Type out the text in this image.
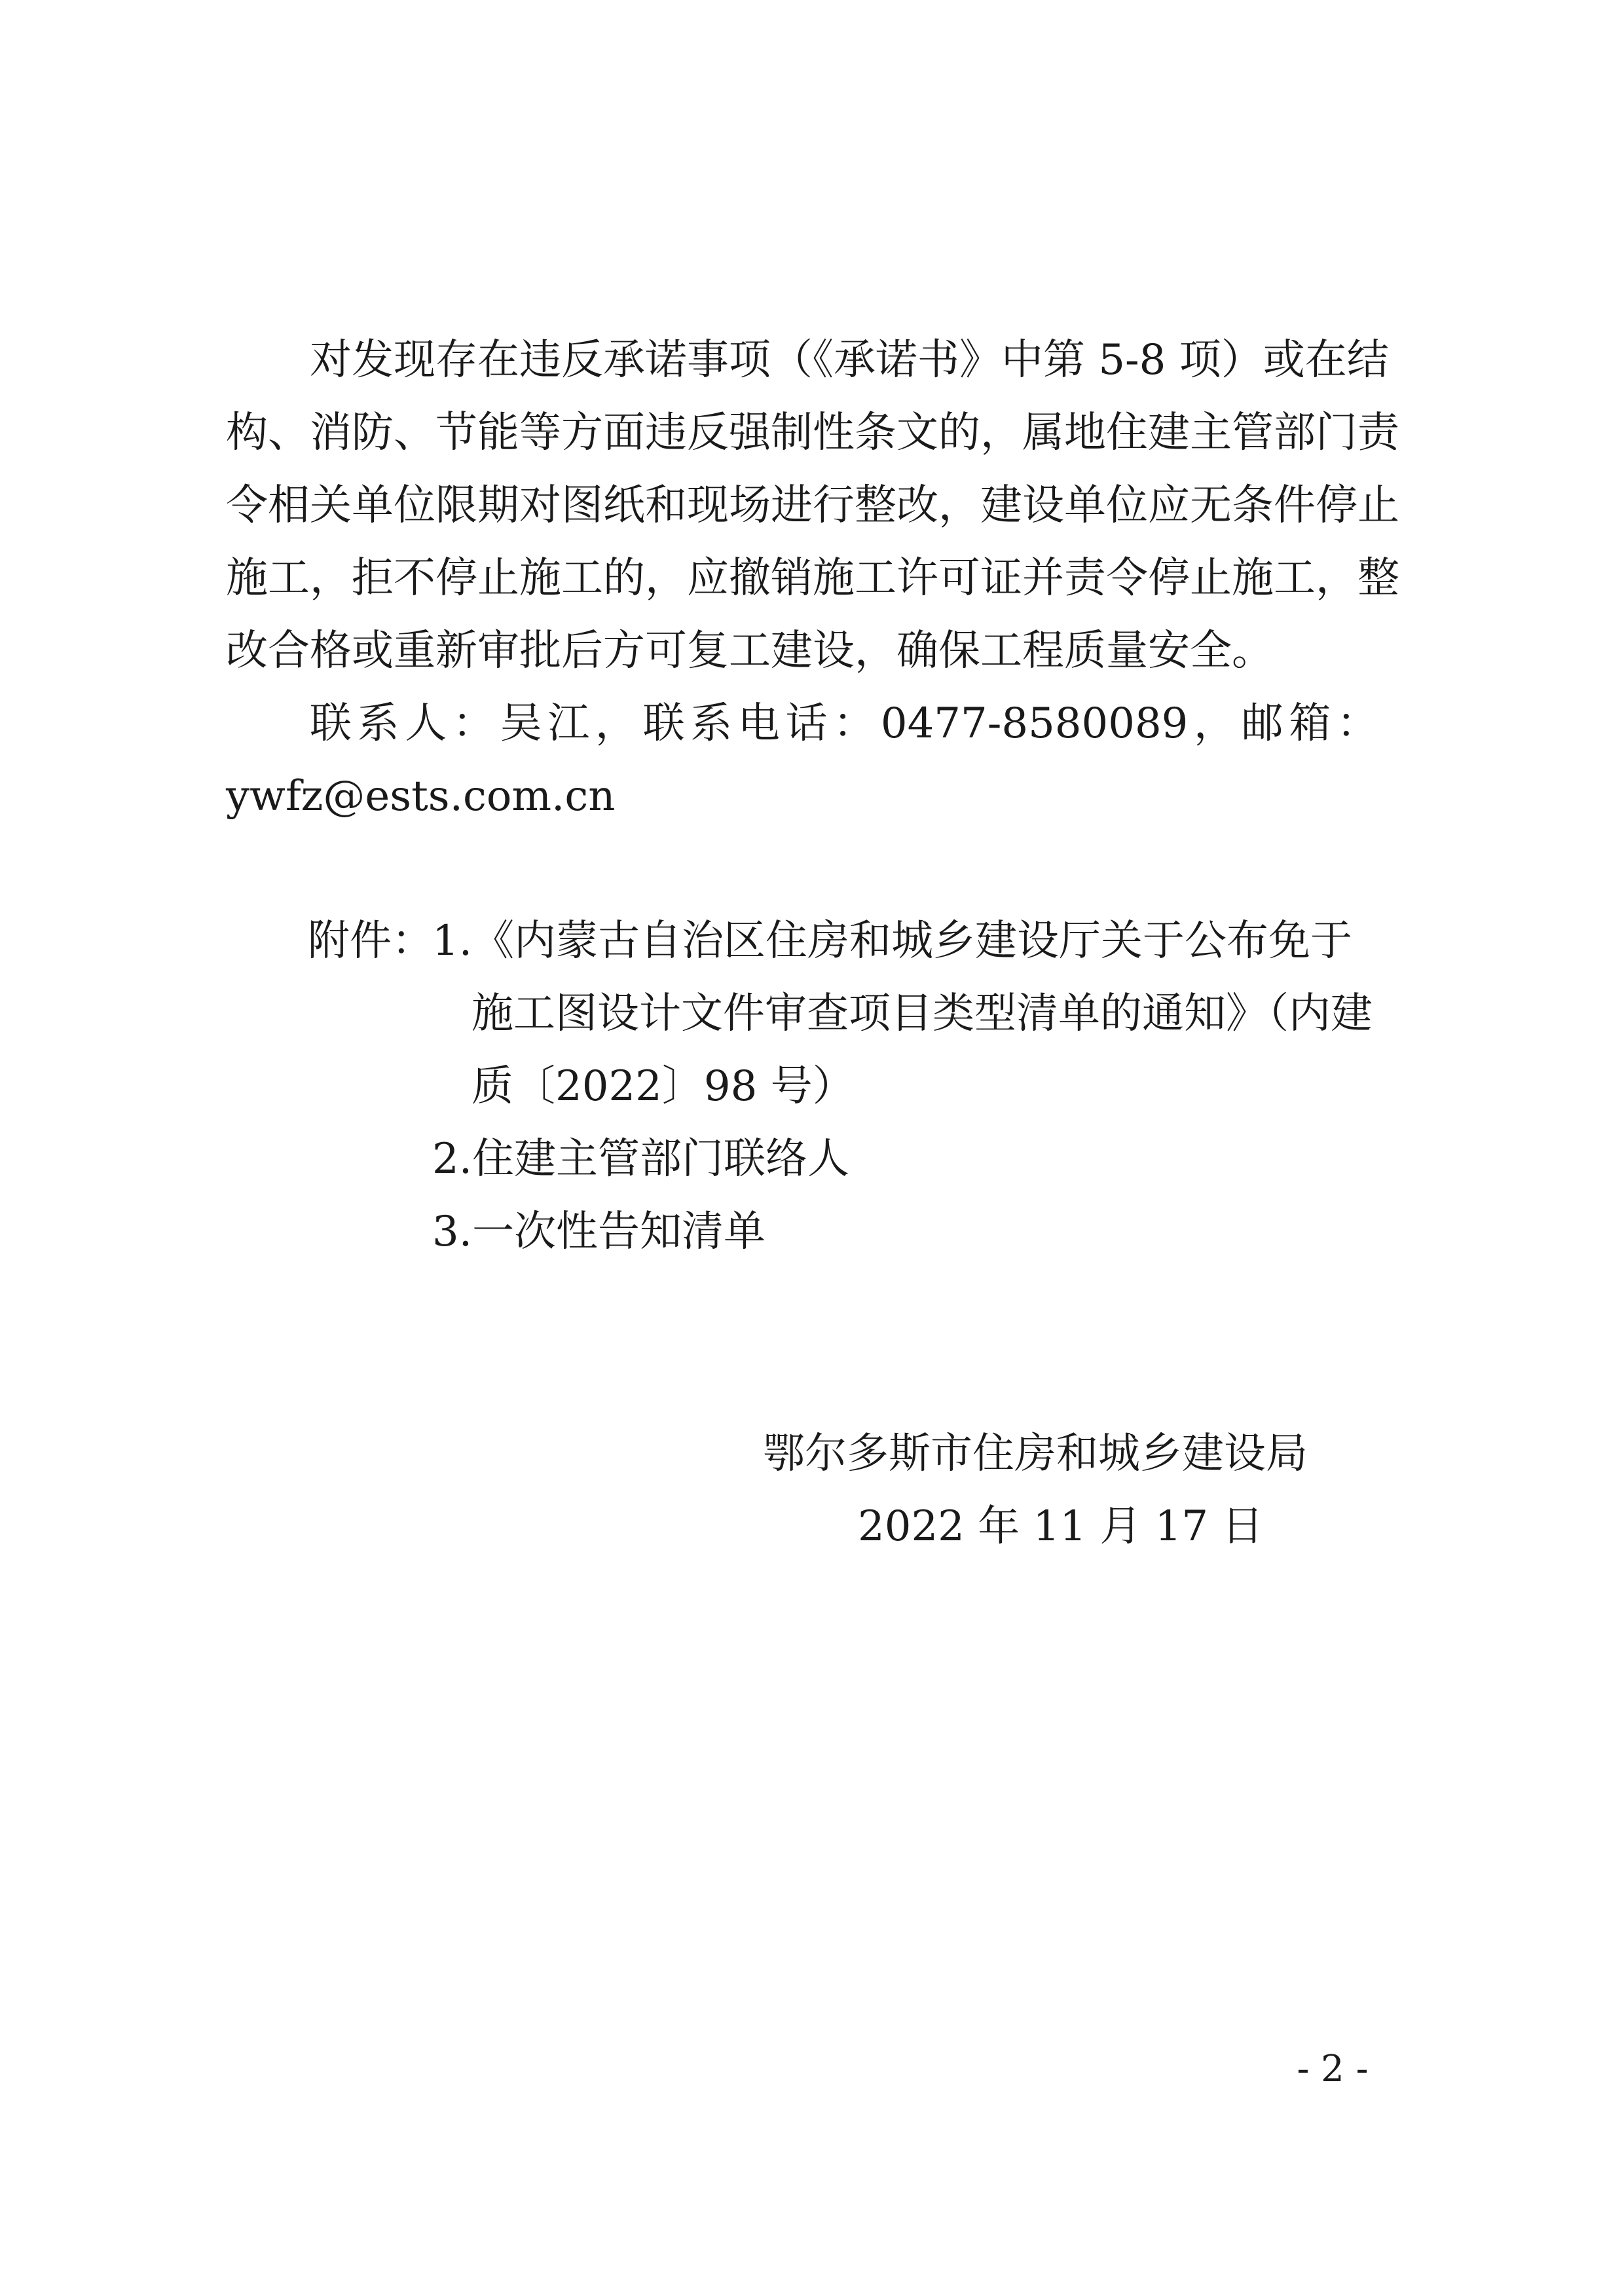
对发现存在违反承诺事项（《承诺书》中第 5-8 项）或在结

构、消防、节能等方面违反强制性条文的，属地住建主管部门责

令相关单位限期对图纸和现场进行整改，建设单位应无条件停止

施工，拒不停止施工的，应撤销施工许可证并责令停止施工，整

改合格或重新审批后方可复工建设，确保工程质量安全。

联系人：吴江，联系电话：0477-8580089，邮箱：

ywfz@ests.com.cn

附件：

1.《内蒙古自治区住房和城乡建设厅关于公布免于

施工图设计文件审查项目类型清单的通知》（内建

质〔2022〕98 号）

2.住建主管部门联络人

3.一次性告知清单

鄂尔多斯市住房和城乡建设局

2022 年 11 月 17 日

- 2 -
